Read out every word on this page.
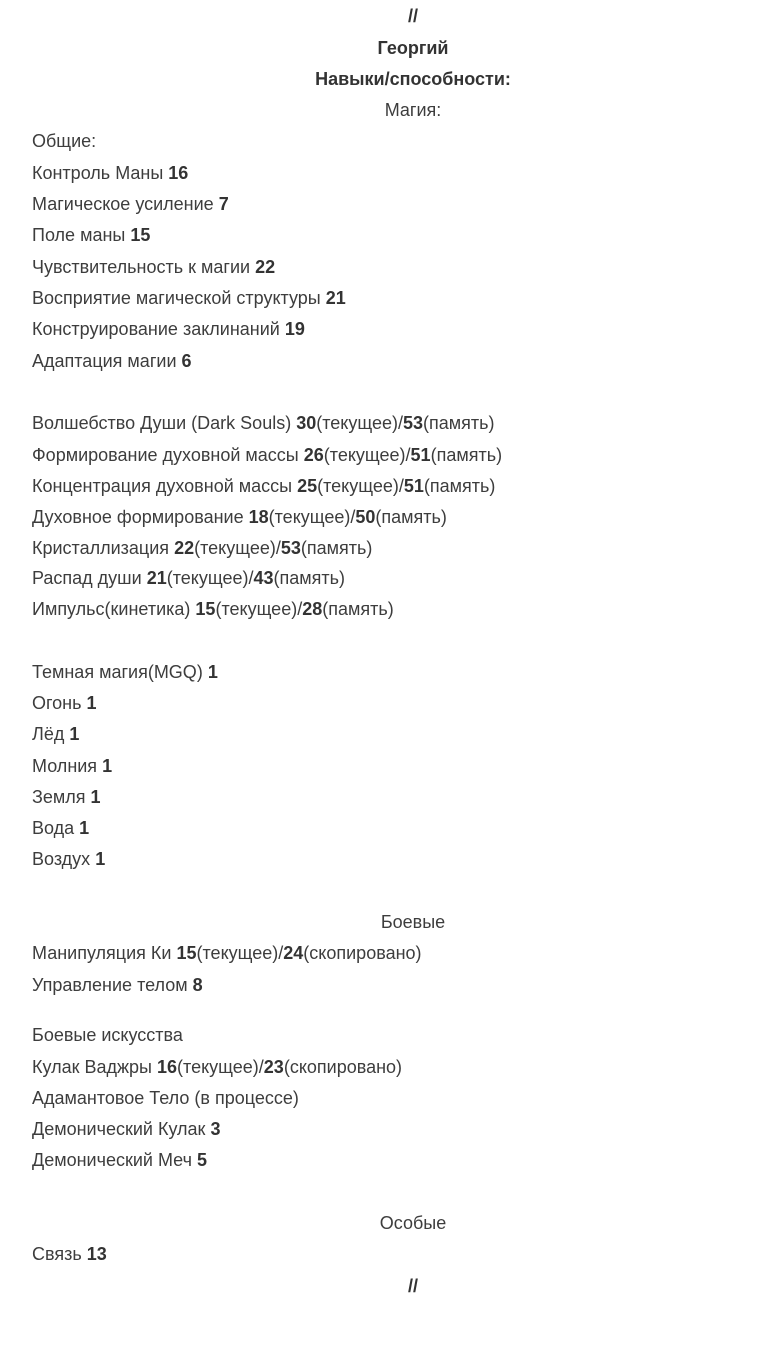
//
Георгий
Навыки/способности:
Магия:
Общие:
Контроль Маны 16
Магическое усиление 7
Поле маны 15
Чувствительность к магии 22
Восприятие магической структуры 21
Конструирование заклинаний 19
Адаптация магии 6
Волшебство Души (Dark Souls) 30(текущее)/53(память)
Формирование духовной массы 26(текущее)/51(память)
Концентрация духовной массы 25(текущее)/51(память)
Духовное формирование 18(текущее)/50(память)
Кристаллизация 22(текущее)/53(память)
Распад души 21(текущее)/43(память)
Импульс(кинетика) 15(текущее)/28(память)
Темная магия(MGQ) 1
Огонь 1
Лёд 1
Молния 1
Земля 1
Вода 1
Воздух 1
Боевые
Манипуляция Ки 15(текущее)/24(скопировано)
Управление телом 8
Боевые искусства
Кулак Ваджры 16(текущее)/23(скопировано)
Адамантовое Тело (в процессе)
Демонический Кулак 3
Демонический Меч 5
Особые
Связь 13
//
